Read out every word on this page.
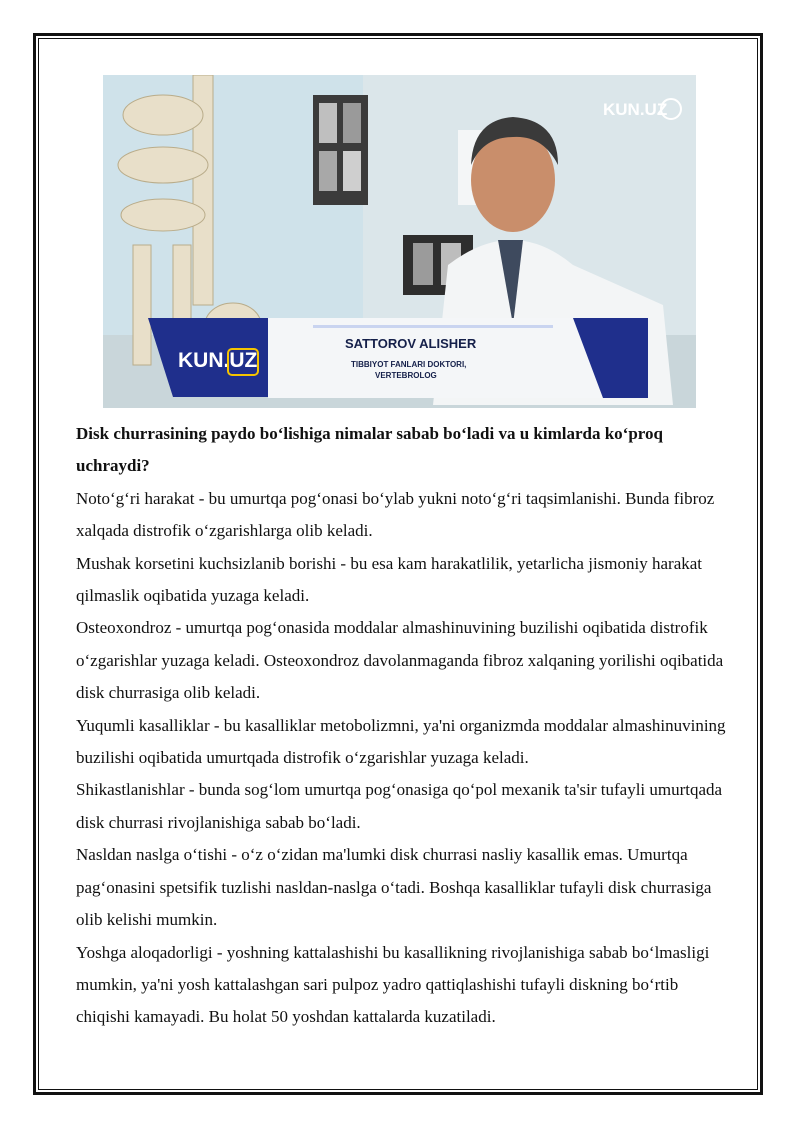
KUN.UZ
KUN.UZ
SATTOROV ALISHER
TIBBIYOT FANLARI DOKTORI,
VERTEBROLOG

Disk churrasining paydo bo‘lishiga nimalar sabab bo‘ladi va u kimlarda ko‘proq uchraydi?

Noto‘g‘ri harakat - bu umurtqa pog‘onasi bo‘ylab yukni noto‘g‘ri taqsimlanishi. Bunda fibroz xalqada distrofik o‘zgarishlarga olib keladi.

Mushak korsetini kuchsizlanib borishi - bu esa kam harakatlilik, yetarlicha jismoniy harakat qilmaslik oqibatida yuzaga keladi.

Osteoxondroz - umurtqa pog‘onasida moddalar almashinuvining buzilishi oqibatida distrofik o‘zgarishlar yuzaga keladi. Osteoxondroz davolanmaganda fibroz xalqaning yorilishi oqibatida disk churrasiga olib keladi.

Yuqumli kasalliklar - bu kasalliklar metobolizmni, ya'ni organizmda moddalar almashinuvining buzilishi oqibatida umurtqada distrofik o‘zgarishlar yuzaga keladi.

Shikastlanishlar - bunda sog‘lom umurtqa pog‘onasiga qo‘pol mexanik ta'sir tufayli umurtqada disk churrasi rivojlanishiga sabab bo‘ladi.

Nasldan naslga o‘tishi - o‘z o‘zidan ma'lumki disk churrasi nasliy kasallik emas. Umurtqa pag‘onasini spetsifik tuzlishi nasldan-naslga o‘tadi. Boshqa kasalliklar tufayli disk churrasiga olib kelishi mumkin.

Yoshga aloqadorligi - yoshning kattalashishi bu kasallikning rivojlanishiga sabab bo‘lmasligi mumkin, ya'ni yosh kattalashgan sari pulpoz yadro qattiqlashishi tufayli diskning bo‘rtib chiqishi kamayadi. Bu holat 50 yoshdan kattalarda kuzatiladi.
